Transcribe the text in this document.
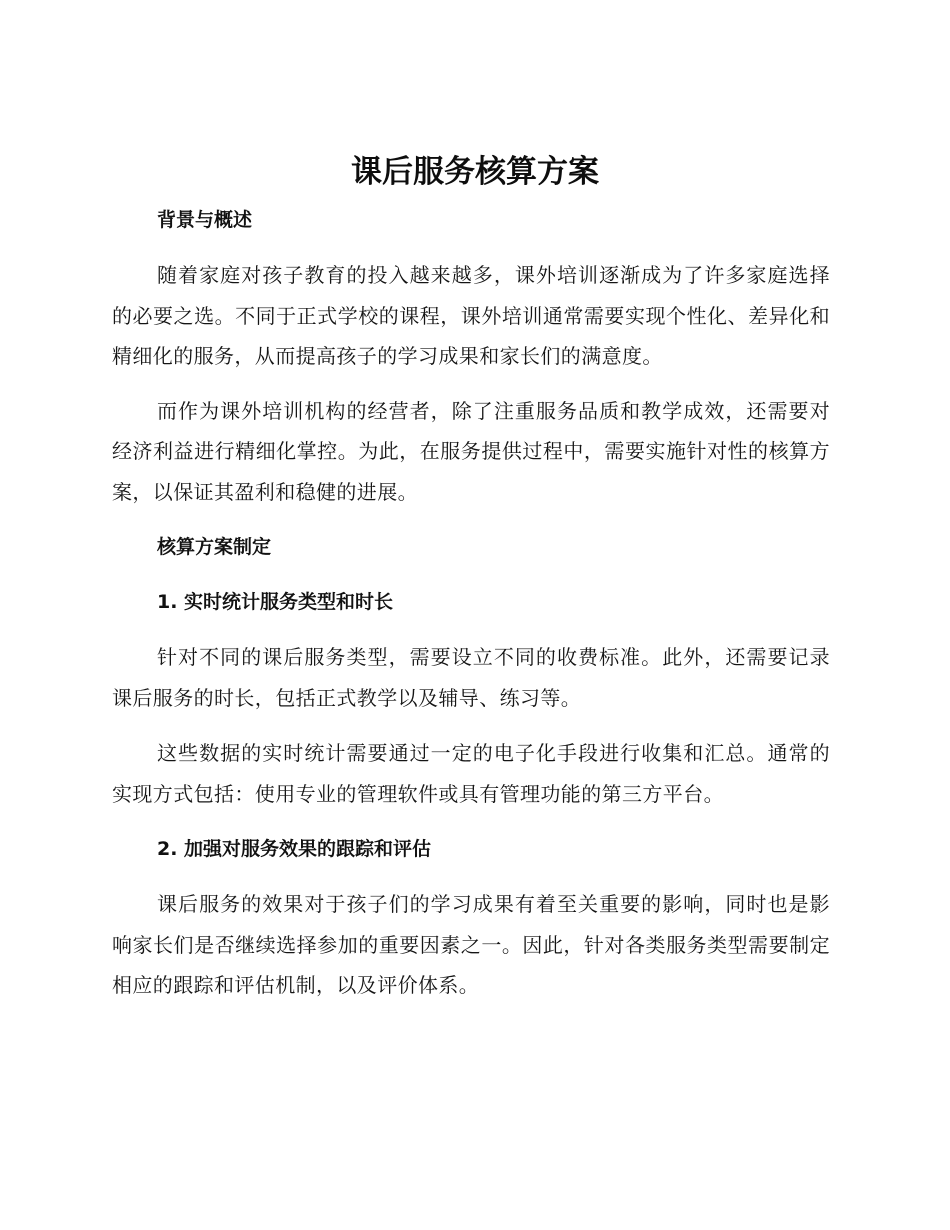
课后服务核算方案
背景与概述

随着家庭对孩子教育的投入越来越多，课外培训逐渐成为了许多家庭选择的必要之选。不同于正式学校的课程，课外培训通常需要实现个性化、差异化和精细化的服务，从而提高孩子的学习成果和家长们的满意度。

而作为课外培训机构的经营者，除了注重服务品质和教学成效，还需要对经济利益进行精细化掌控。为此，在服务提供过程中，需要实施针对性的核算方案，以保证其盈利和稳健的进展。

核算方案制定
1. 实时统计服务类型和时长

针对不同的课后服务类型，需要设立不同的收费标准。此外，还需要记录课后服务的时长，包括正式教学以及辅导、练习等。

这些数据的实时统计需要通过一定的电子化手段进行收集和汇总。通常的实现方式包括：使用专业的管理软件或具有管理功能的第三方平台。

2. 加强对服务效果的跟踪和评估

课后服务的效果对于孩子们的学习成果有着至关重要的影响，同时也是影响家长们是否继续选择参加的重要因素之一。因此，针对各类服务类型需要制定相应的跟踪和评估机制，以及评价体系。
